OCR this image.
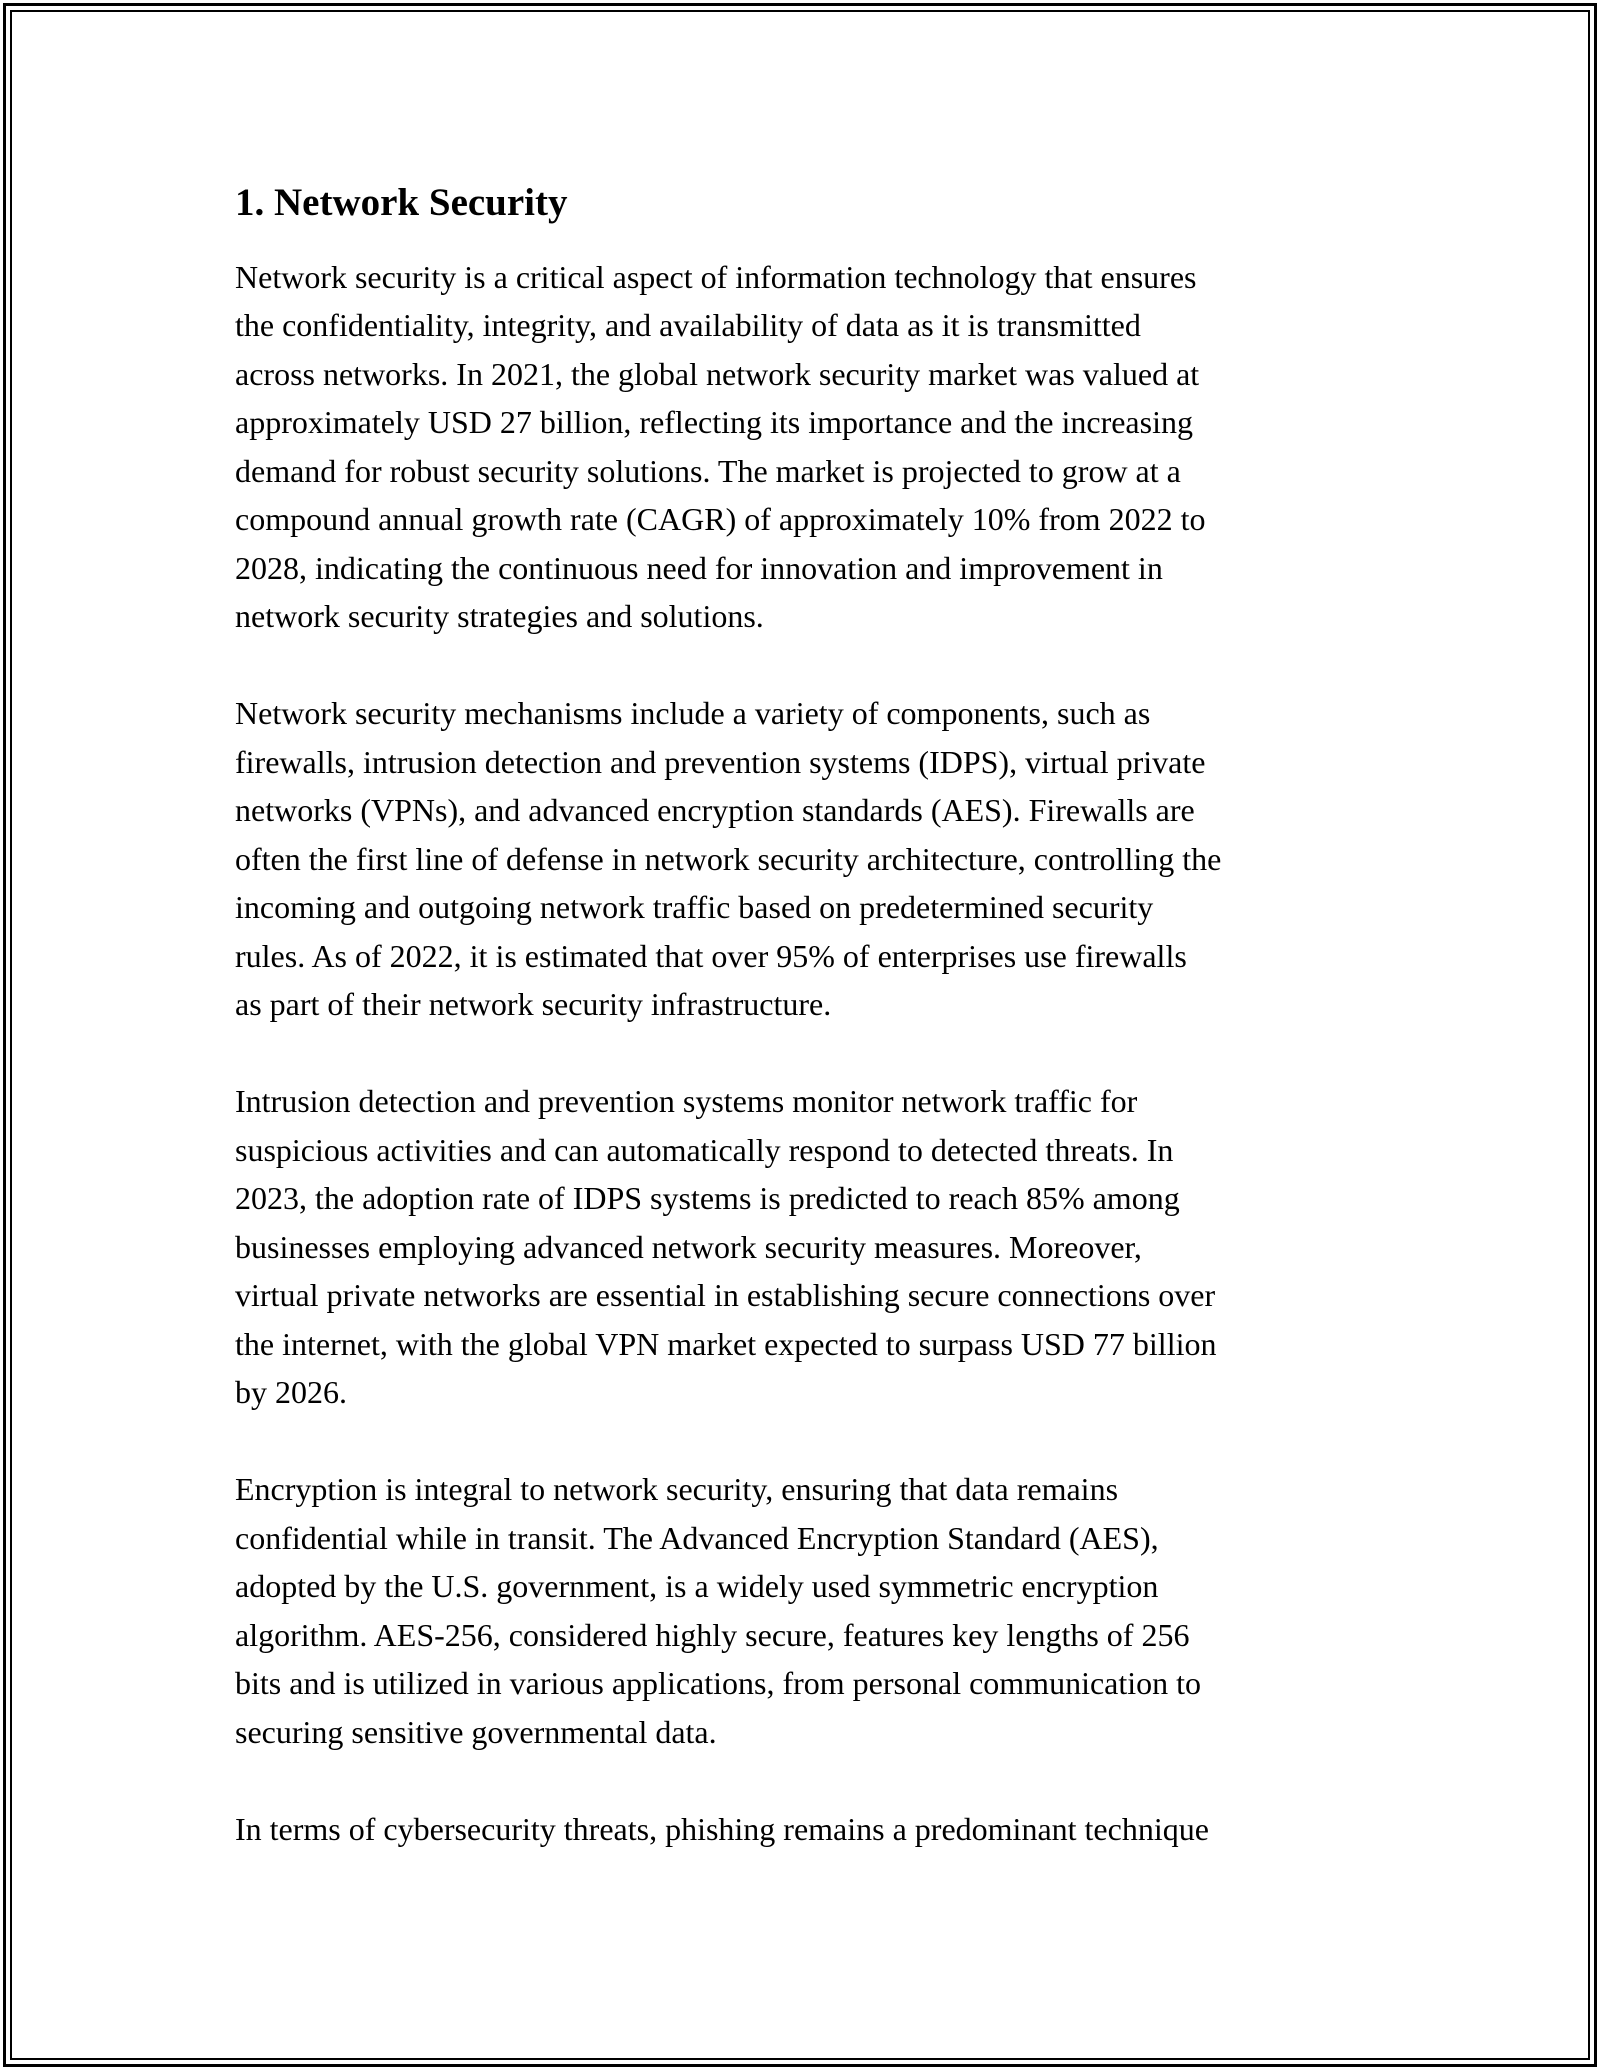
1. Network Security

Network security is a critical aspect of information technology that ensures
the confidentiality, integrity, and availability of data as it is transmitted
across networks. In 2021, the global network security market was valued at
approximately USD 27 billion, reflecting its importance and the increasing
demand for robust security solutions. The market is projected to grow at a
compound annual growth rate (CAGR) of approximately 10% from 2022 to
2028, indicating the continuous need for innovation and improvement in
network security strategies and solutions.

Network security mechanisms include a variety of components, such as
firewalls, intrusion detection and prevention systems (IDPS), virtual private
networks (VPNs), and advanced encryption standards (AES). Firewalls are
often the first line of defense in network security architecture, controlling the
incoming and outgoing network traffic based on predetermined security
rules. As of 2022, it is estimated that over 95% of enterprises use firewalls
as part of their network security infrastructure.

Intrusion detection and prevention systems monitor network traffic for
suspicious activities and can automatically respond to detected threats. In
2023, the adoption rate of IDPS systems is predicted to reach 85% among
businesses employing advanced network security measures. Moreover,
virtual private networks are essential in establishing secure connections over
the internet, with the global VPN market expected to surpass USD 77 billion
by 2026.

Encryption is integral to network security, ensuring that data remains
confidential while in transit. The Advanced Encryption Standard (AES),
adopted by the U.S. government, is a widely used symmetric encryption
algorithm. AES-256, considered highly secure, features key lengths of 256
bits and is utilized in various applications, from personal communication to
securing sensitive governmental data.

In terms of cybersecurity threats, phishing remains a predominant technique
